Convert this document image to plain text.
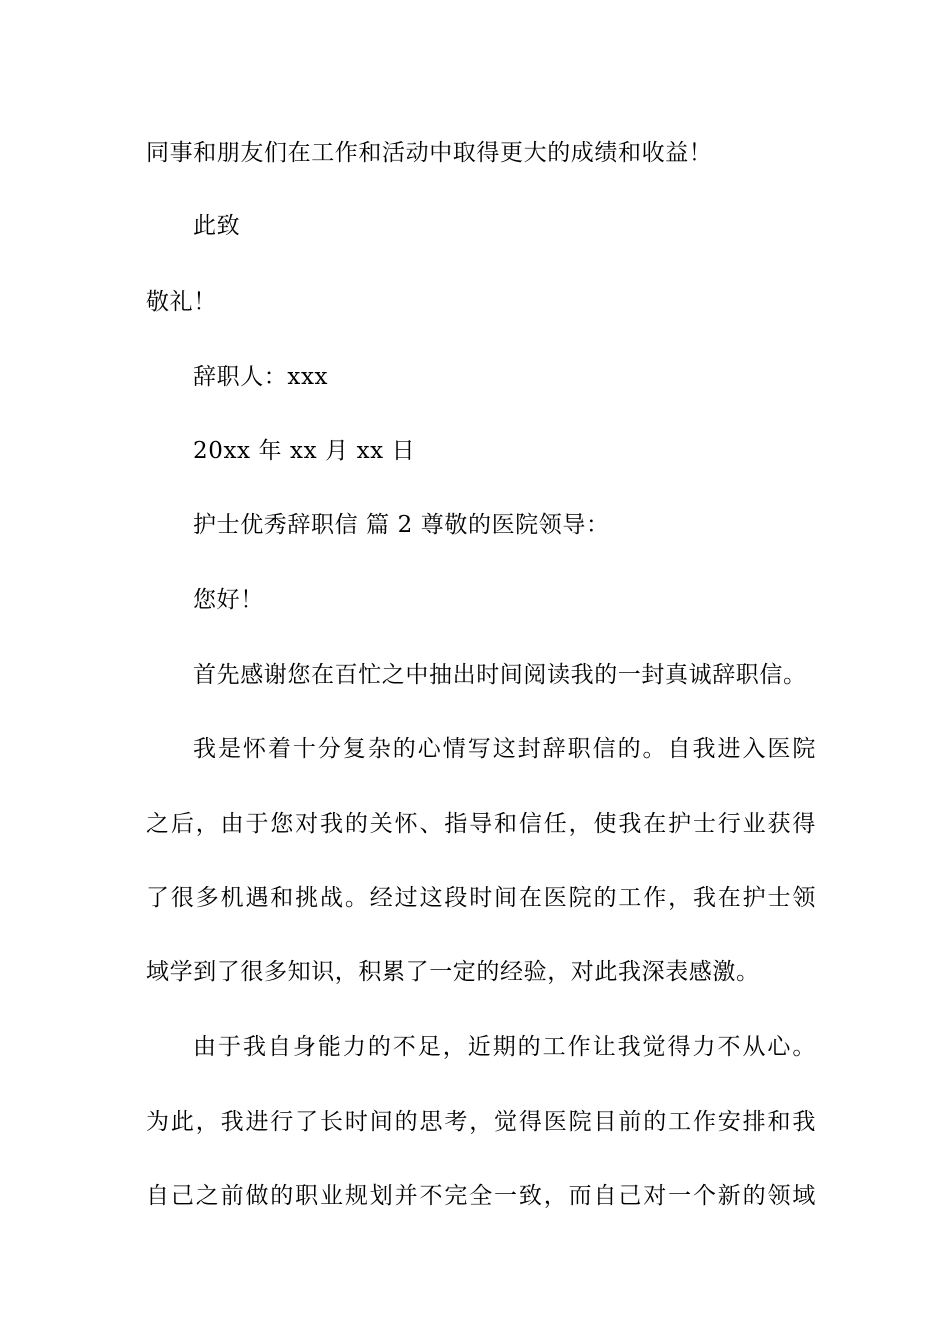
同事和朋友们在工作和活动中取得更大的成绩和收益！
此致
敬礼！
辞职人：xxx
20xx 年 xx 月 xx 日
护士优秀辞职信 篇 2 尊敬的医院领导：
您好！
首先感谢您在百忙之中抽出时间阅读我的一封真诚辞职信。
我是怀着十分复杂的心情写这封辞职信的。自我进入医院
之后，由于您对我的关怀、指导和信任，使我在护士行业获得
了很多机遇和挑战。经过这段时间在医院的工作，我在护士领
域学到了很多知识，积累了一定的经验，对此我深表感激。
由于我自身能力的不足，近期的工作让我觉得力不从心。
为此，我进行了长时间的思考，觉得医院目前的工作安排和我
自己之前做的职业规划并不完全一致，而自己对一个新的领域
